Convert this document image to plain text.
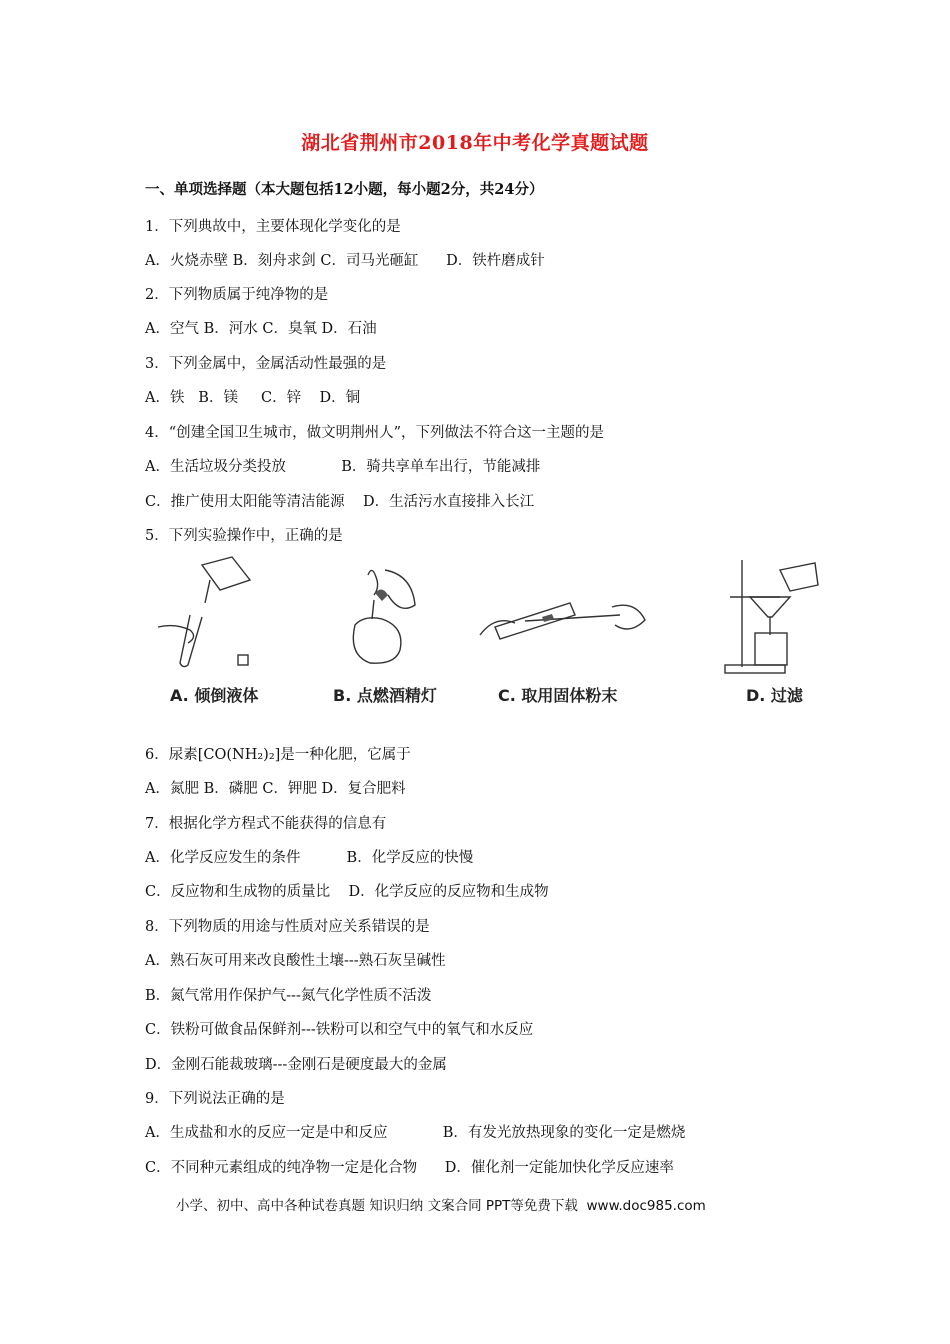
湖北省荆州市2018年中考化学真题试题
一、单项选择题（本大题包括12小题，每小题2分，共24分）
1．下列典故中，主要体现化学变化的是
A．火烧赤壁 B．刻舟求剑 C．司马光砸缸      D．铁杵磨成针
2．下列物质属于纯净物的是
A．空气 B．河水 C．臭氧 D．石油
3．下列金属中，金属活动性最强的是
A．铁   B．镁     C．锌    D．铜
4．“创建全国卫生城市，做文明荆州人”，下列做法不符合这一主题的是
A．生活垃圾分类投放            B．骑共享单车出行，节能减排
C．推广使用太阳能等清洁能源    D．生活污水直接排入长江
5．下列实验操作中，正确的是
A. 倾倒液体	B. 点燃酒精灯	C. 取用固体粉末	D. 过滤
6．尿素[CO(NH₂)₂]是一种化肥，它属于
A．氮肥 B．磷肥 C．钾肥 D．复合肥料
7．根据化学方程式不能获得的信息有
A．化学反应发生的条件          B．化学反应的快慢
C．反应物和生成物的质量比    D．化学反应的反应物和生成物
8．下列物质的用途与性质对应关系错误的是
A．熟石灰可用来改良酸性土壤---熟石灰呈碱性
B．氮气常用作保护气---氮气化学性质不活泼
C．铁粉可做食品保鲜剂---铁粉可以和空气中的氧气和水反应
D．金刚石能裁玻璃---金刚石是硬度最大的金属
9．下列说法正确的是
A．生成盐和水的反应一定是中和反应            B．有发光放热现象的变化一定是燃烧
C．不同种元素组成的纯净物一定是化合物      D．催化剂一定能加快化学反应速率
小学、初中、高中各种试卷真题 知识归纳 文案合同 PPT等免费下载  www.doc985.com
